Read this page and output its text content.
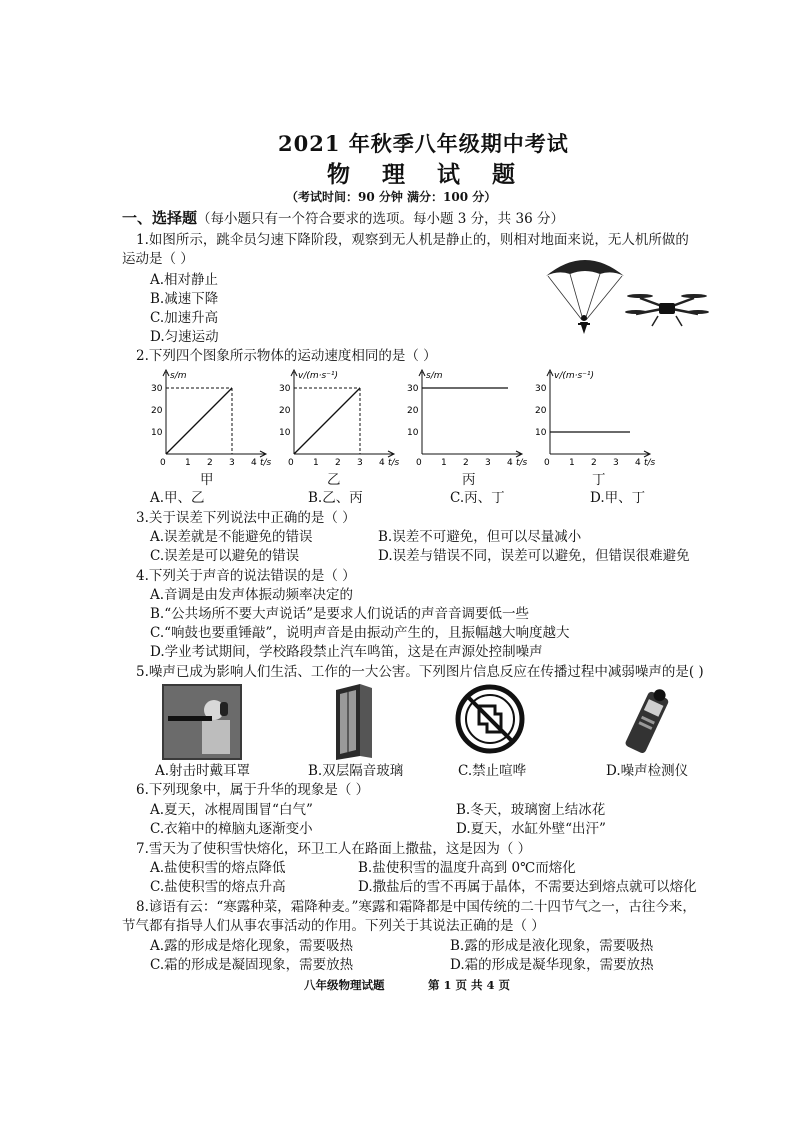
2021 年秋季八年级期中考试
物 理 试 题
（考试时间：90 分钟 满分：100 分）
一、选择题（每小题只有一个符合要求的选项。每小题 3 分，共 36 分）
1.如图所示，跳伞员匀速下降阶段，观察到无人机是静止的，则相对地面来说，无人机所做的
运动是（ ）
A.相对静止
B.减速下降
C.加速升高
D.匀速运动
2.下列四个图象所示物体的运动速度相同的是（ ）
s/m
30
20
10
0 1 2 3 4 t/s
甲
v/(m·s⁻¹)
30
20
10
0 1 2 3 4 t/s
乙
s/m
30
20
10
0 1 2 3 4 t/s
丙
v/(m·s⁻¹)
30
20
10
0 1 2 3 4 t/s
丁
A.甲、乙	B.乙、丙	C.丙、丁	D.甲、丁
3.关于误差下列说法中正确的是（ ）
A.误差就是不能避免的错误	B.误差不可避免，但可以尽量减小
C.误差是可以避免的错误	D.误差与错误不同，误差可以避免，但错误很难避免
4.下列关于声音的说法错误的是（ ）
A.音调是由发声体振动频率决定的
B.“公共场所不要大声说话”是要求人们说话的声音音调要低一些
C.“响鼓也要重锤敲”，说明声音是由振动产生的，且振幅越大响度越大
D.学业考试期间，学校路段禁止汽车鸣笛，这是在声源处控制噪声
5.噪声已成为影响人们生活、工作的一大公害。下列图片信息反应在传播过程中减弱噪声的是( )
A.射击时戴耳罩	B.双层隔音玻璃	C.禁止喧哗	D.噪声检测仪
6.下列现象中，属于升华的现象是（ ）
A.夏天，冰棍周围冒“白气”	B.冬天，玻璃窗上结冰花
C.衣箱中的樟脑丸逐渐变小	D.夏天，水缸外壁“出汗”
7.雪天为了使积雪快熔化，环卫工人在路面上撒盐，这是因为（ ）
A.盐使积雪的熔点降低	B.盐使积雪的温度升高到 0℃而熔化
C.盐使积雪的熔点升高	D.撒盐后的雪不再属于晶体，不需要达到熔点就可以熔化
8.谚语有云：“寒露种菜，霜降种麦。”寒露和霜降都是中国传统的二十四节气之一，古往今来，
节气都有指导人们从事农事活动的作用。下列关于其说法正确的是（ ）
A.露的形成是熔化现象，需要吸热	B.露的形成是液化现象，需要吸热
C.霜的形成是凝固现象，需要放热	D.霜的形成是凝华现象，需要放热
八年级物理试题	第 1 页 共 4 页
